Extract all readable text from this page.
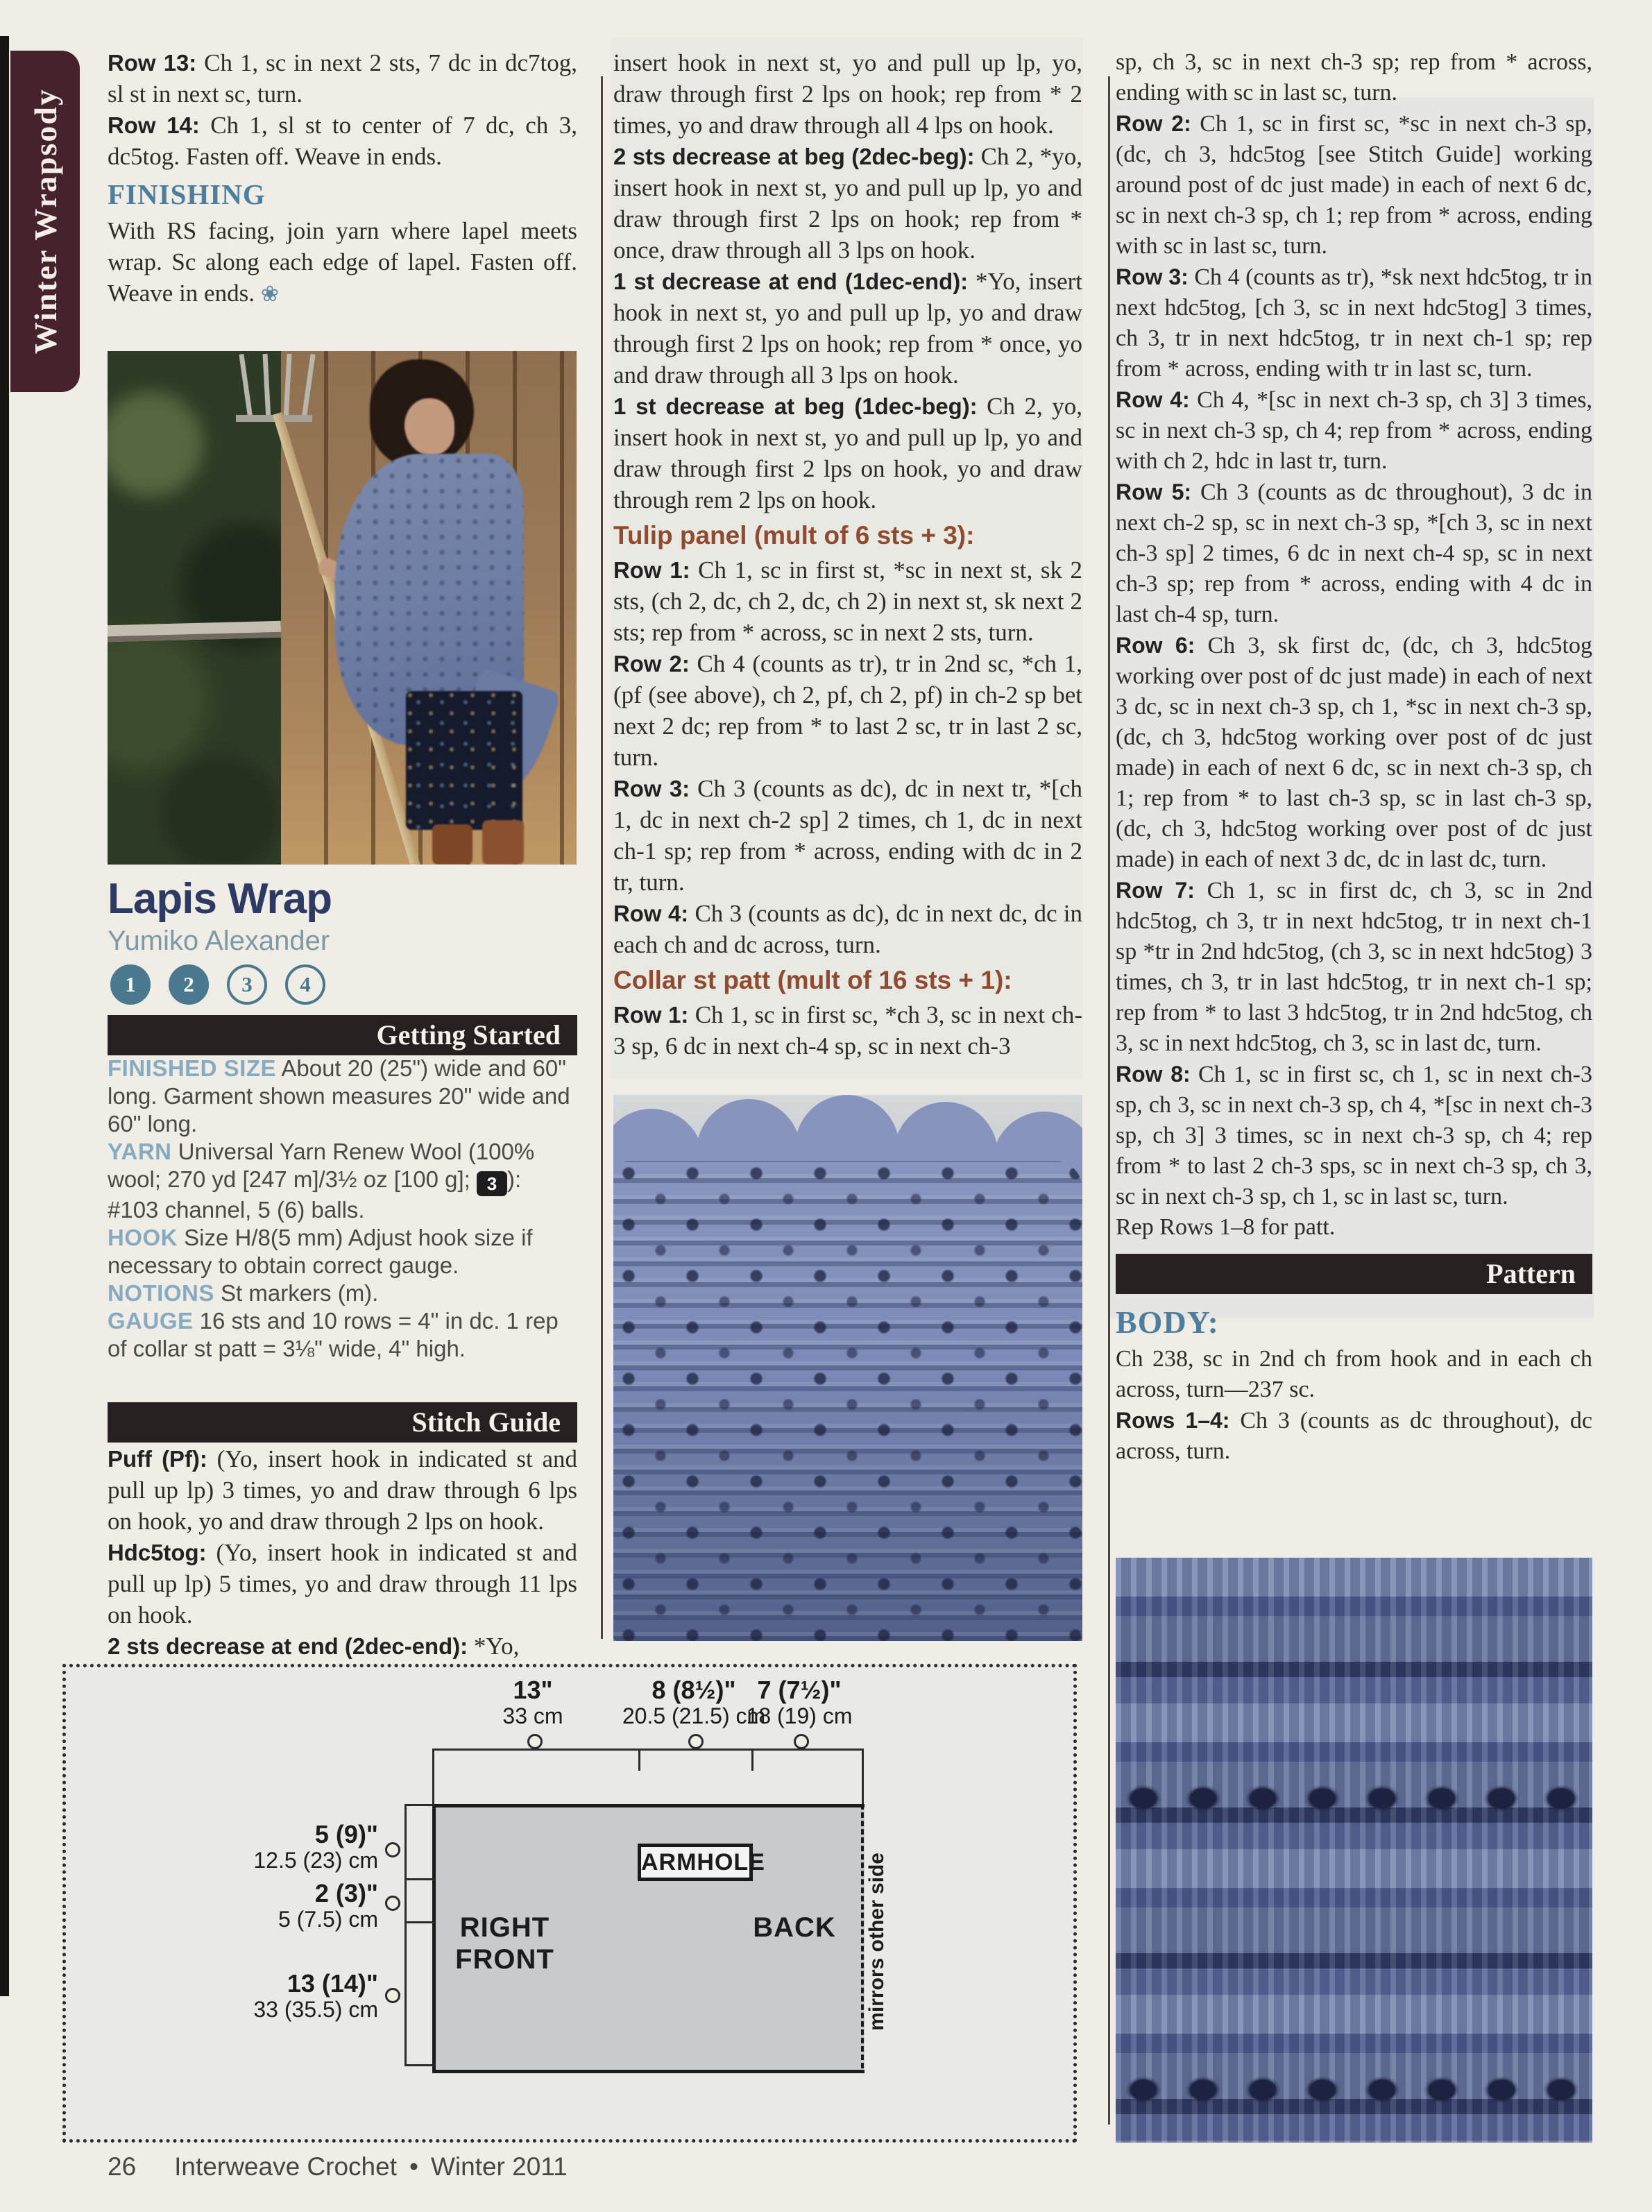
Winter Wrapsody

Row 13: Ch 1, sc in next 2 sts, 7 dc in dc7tog, sl st in next sc, turn.

Row 14: Ch 1, sl st to center of 7 dc, ch 3, dc5tog. Fasten off. Weave in ends.

FINISHING

With RS facing, join yarn where lapel meets wrap. Sc along each edge of lapel. Fasten off. Weave in ends. ❀

Lapis Wrap
Yumiko Alexander
1 2 3 4
Getting Started

FINISHED SIZE About 20 (25") wide and 60" long. Garment shown measures 20" wide and 60" long.

YARN Universal Yarn Renew Wool (100% wool; 270 yd [247 m]/3½ oz [100 g]; 3 ): #103 channel, 5 (6) balls.

HOOK Size H/8(5 mm) Adjust hook size if necessary to obtain correct gauge.

NOTIONS St markers (m).

GAUGE 16 sts and 10 rows = 4" in dc. 1 rep of collar st patt = 3⅛" wide, 4" high.

Stitch Guide

Puff (Pf): (Yo, insert hook in indicated st and pull up lp) 3 times, yo and draw through 6 lps on hook, yo and draw through 2 lps on hook.

Hdc5tog: (Yo, insert hook in indicated st and pull up lp) 5 times, yo and draw through 11 lps on hook.

2 sts decrease at end (2dec-end): *Yo,

insert hook in next st, yo and pull up lp, yo, draw through first 2 lps on hook; rep from * 2 times, yo and draw through all 4 lps on hook.

2 sts decrease at beg (2dec-beg): Ch 2, *yo, insert hook in next st, yo and pull up lp, yo and draw through first 2 lps on hook; rep from * once, draw through all 3 lps on hook.

1 st decrease at end (1dec-end): *Yo, insert hook in next st, yo and pull up lp, yo and draw through first 2 lps on hook; rep from * once, yo and draw through all 3 lps on hook.

1 st decrease at beg (1dec-beg): Ch 2, yo, insert hook in next st, yo and pull up lp, yo and draw through first 2 lps on hook, yo and draw through rem 2 lps on hook.

Tulip panel (mult of 6 sts + 3):

Row 1: Ch 1, sc in first st, *sc in next st, sk 2 sts, (ch 2, dc, ch 2, dc, ch 2) in next st, sk next 2 sts; rep from * across, sc in next 2 sts, turn.

Row 2: Ch 4 (counts as tr), tr in 2nd sc, *ch 1, (pf (see above), ch 2, pf, ch 2, pf) in ch-2 sp bet next 2 dc; rep from * to last 2 sc, tr in last 2 sc, turn.

Row 3: Ch 3 (counts as dc), dc in next tr, *[ch 1, dc in next ch-2 sp] 2 times, ch 1, dc in next ch-1 sp; rep from * across, ending with dc in 2 tr, turn.

Row 4: Ch 3 (counts as dc), dc in next dc, dc in each ch and dc across, turn.

Collar st patt (mult of 16 sts + 1):

Row 1: Ch 1, sc in first sc, *ch 3, sc in next ch-3 sp, 6 dc in next ch-4 sp, sc in next ch-3

sp, ch 3, sc in next ch-3 sp; rep from * across, ending with sc in last sc, turn.

Row 2: Ch 1, sc in first sc, *sc in next ch-3 sp, (dc, ch 3, hdc5tog [see Stitch Guide] working around post of dc just made) in each of next 6 dc, sc in next ch-3 sp, ch 1; rep from * across, ending with sc in last sc, turn.

Row 3: Ch 4 (counts as tr), *sk next hdc5tog, tr in next hdc5tog, [ch 3, sc in next hdc5tog] 3 times, ch 3, tr in next hdc5tog, tr in next ch-1 sp; rep from * across, ending with tr in last sc, turn.

Row 4: Ch 4, *[sc in next ch-3 sp, ch 3] 3 times, sc in next ch-3 sp, ch 4; rep from * across, ending with ch 2, hdc in last tr, turn.

Row 5: Ch 3 (counts as dc throughout), 3 dc in next ch-2 sp, sc in next ch-3 sp, *[ch 3, sc in next ch-3 sp] 2 times, 6 dc in next ch-4 sp, sc in next ch-3 sp; rep from * across, ending with 4 dc in last ch-4 sp, turn.

Row 6: Ch 3, sk first dc, (dc, ch 3, hdc5tog working over post of dc just made) in each of next 3 dc, sc in next ch-3 sp, ch 1, *sc in next ch-3 sp, (dc, ch 3, hdc5tog working over post of dc just made) in each of next 6 dc, sc in next ch-3 sp, ch 1; rep from * to last ch-3 sp, sc in last ch-3 sp, (dc, ch 3, hdc5tog working over post of dc just made) in each of next 3 dc, dc in last dc, turn.

Row 7: Ch 1, sc in first dc, ch 3, sc in 2nd hdc5tog, ch 3, tr in next hdc5tog, tr in next ch-1 sp *tr in 2nd hdc5tog, (ch 3, sc in next hdc5tog) 3 times, ch 3, tr in last hdc5tog, tr in next ch-1 sp; rep from * to last 3 hdc5tog, tr in 2nd hdc5tog, ch 3, sc in next hdc5tog, ch 3, sc in last dc, turn.

Row 8: Ch 1, sc in first sc, ch 1, sc in next ch-3 sp, ch 3, sc in next ch-3 sp, ch 4, *[sc in next ch-3 sp, ch 3] 3 times, sc in next ch-3 sp, ch 4; rep from * to last 2 ch-3 sps, sc in next ch-3 sp, ch 3, sc in next ch-3 sp, ch 1, sc in last sc, turn.

Rep Rows 1–8 for patt.

Pattern

BODY:

Ch 238, sc in 2nd ch from hook and in each ch across, turn—237 sc.

Rows 1–4: Ch 3 (counts as dc throughout), dc across, turn.

13"
33 cm
8 (8½)"
20.5 (21.5) cm
7 (7½)"
18 (19) cm
5 (9)"
12.5 (23) cm
2 (3)"
5 (7.5) cm
13 (14)"
33 (35.5) cm
RIGHT
FRONT
BACK
ARMHOLE	mirrors other side
26 Interweave Crochet • Winter 2011
